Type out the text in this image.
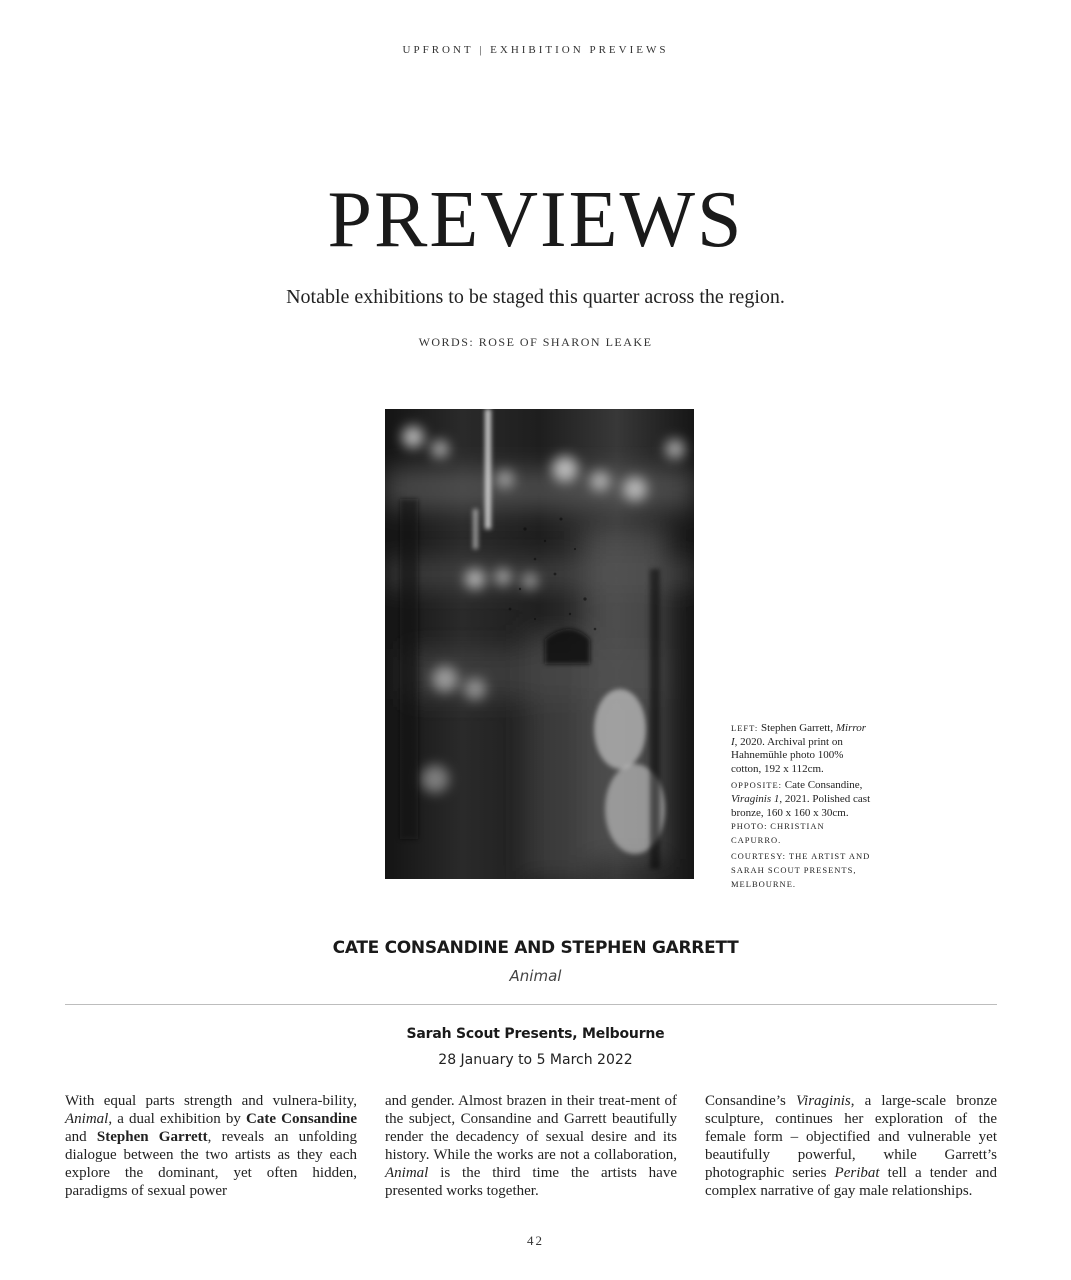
UPFRONT | EXHIBITION PREVIEWS
PREVIEWS
Notable exhibitions to be staged this quarter across the region.
WORDS: ROSE OF SHARON LEAKE

LEFT: Stephen Garrett, Mirror I, 2020. Archival print on Hahnemühle photo 100% cotton, 192 x 112cm.

OPPOSITE: Cate Consandine, Viraginis 1, 2021. Polished cast bronze, 160 x 160 x 30cm. PHOTO: CHRISTIAN CAPURRO.

COURTESY: THE ARTIST AND SARAH SCOUT PRESENTS, MELBOURNE.

CATE CONSANDINE AND STEPHEN GARRETT
Animal
Sarah Scout Presents, Melbourne
28 January to 5 March 2022
With equal parts strength and vulnera-bility, Animal, a dual exhibition by Cate Consandine and Stephen Garrett, reveals an unfolding dialogue between the two artists as they each explore the dominant, yet often hidden, paradigms of sexual power
and gender. Almost brazen in their treat-ment of the subject, Consandine and Garrett beautifully render the decadency of sexual desire and its history. While the works are not a collaboration, Animal is the third time the artists have presented works together.
Consandine’s Viraginis, a large-scale bronze sculpture, continues her exploration of the female form – objectified and vulnerable yet beautifully powerful, while Garrett’s photographic series Peribat tell a tender and complex narrative of gay male relationships.
42
